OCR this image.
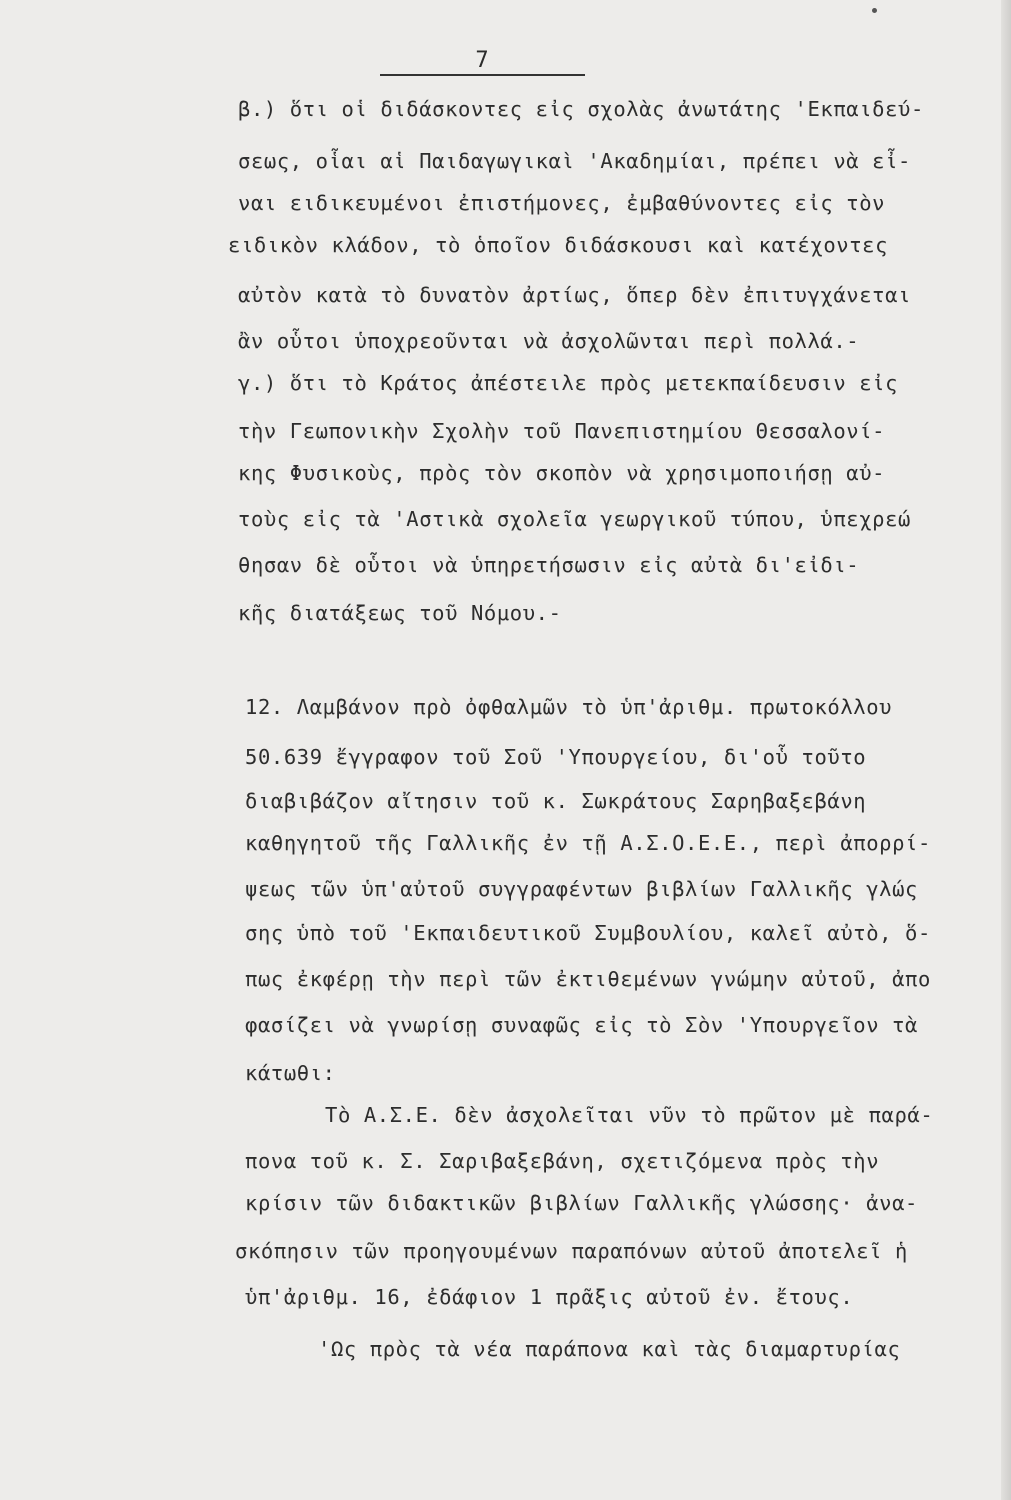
7
β.) ὅτι οἱ διδάσκοντες εἰς σχολὰς ἀνωτάτης 'Εκπαιδεύ-
σεως, οἷαι αἱ Παιδαγωγικαὶ 'Ακαδημίαι, πρέπει νὰ εἶ-
ναι ειδικευμένοι ἐπιστήμονες, ἐμβαθύνοντες εἰς τὸν
ειδικὸν κλάδον, τὸ ὁποῖον διδάσκουσι καὶ κατέχοντες
αὐτὸν κατὰ τὸ δυνατὸν ἀρτίως, ὅπερ δὲν ἐπιτυγχάνεται
ἂν οὗτοι ὑποχρεοῦνται νὰ ἀσχολῶνται περὶ πολλά.-
γ.) ὅτι τὸ Κράτος ἀπέστειλε πρὸς μετεκπαίδευσιν εἰς
τὴν Γεωπονικὴν Σχολὴν τοῦ Πανεπιστημίου Θεσσαλονί-
κης Φυσικοὺς, πρὸς τὸν σκοπὸν νὰ χρησιμοποιήσῃ αὐ-
τοὺς εἰς τὰ 'Αστικὰ σχολεῖα γεωργικοῦ τύπου, ὑπεχρεώ
θησαν δὲ οὗτοι νὰ ὑπηρετήσωσιν εἰς αὐτὰ δι'εἰδι-
κῆς διατάξεως τοῦ Νόμου.-
12. Λαμβάνον πρὸ ὀφθαλμῶν τὸ ὑπ'ἀριθμ. πρωτοκόλλου
50.639 ἔγγραφον τοῦ Σοῦ 'Υπουργείου, δι'οὗ τοῦτο
διαβιβάζον αἴτησιν τοῦ κ. Σωκράτους Σαρηβαξεβάνη
καθηγητοῦ τῆς Γαλλικῆς ἐν τῇ Α.Σ.Ο.Ε.Ε., περὶ ἀπορρί-
ψεως τῶν ὑπ'αὐτοῦ συγγραφέντων βιβλίων Γαλλικῆς γλώς
σης ὑπὸ τοῦ 'Εκπαιδευτικοῦ Συμβουλίου, καλεῖ αὐτὸ, ὅ-
πως ἐκφέρῃ τὴν περὶ τῶν ἐκτιθεμένων γνώμην αὐτοῦ, ἀπο
φασίζει νὰ γνωρίσῃ συναφῶς εἰς τὸ Σὸν 'Υπουργεῖον τὰ
κάτωθι:
Τὸ Α.Σ.Ε. δὲν ἀσχολεῖται νῦν τὸ πρῶτον μὲ παρά-
πονα τοῦ κ. Σ. Σαριβαξεβάνη, σχετιζόμενα πρὸς τὴν
κρίσιν τῶν διδακτικῶν βιβλίων Γαλλικῆς γλώσσης· ἀνα-
σκόπησιν τῶν προηγουμένων παραπόνων αὐτοῦ ἀποτελεῖ ἡ
ὑπ'ἀριθμ. 16, ἐδάφιον 1 πρᾶξις αὐτοῦ ἐν. ἔτους.
'Ως πρὸς τὰ νέα παράπονα καὶ τὰς διαμαρτυρίας
